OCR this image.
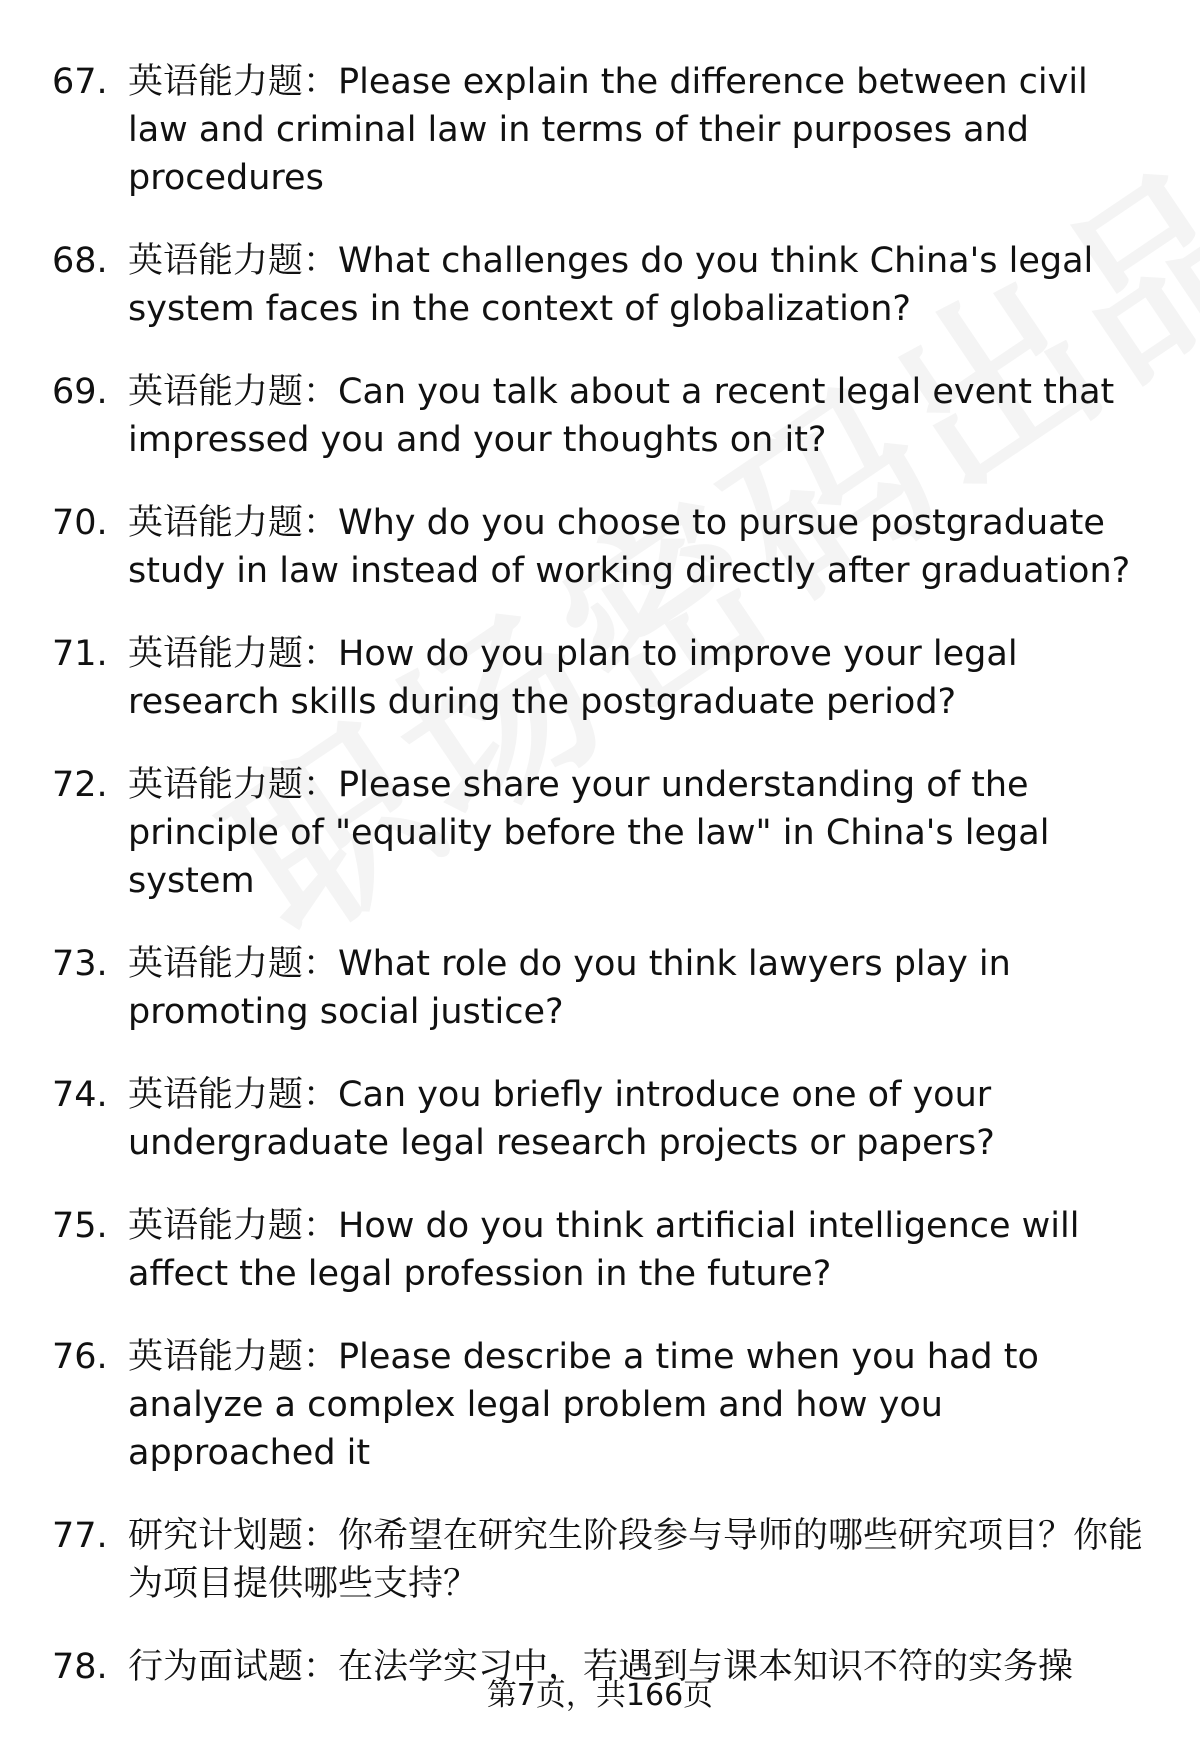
67. 英语能力题：Please explain the difference between civil law and criminal law in terms of their purposes and procedures
68. 英语能力题：What challenges do you think China's legal system faces in the context of globalization?
69. 英语能力题：Can you talk about a recent legal event that impressed you and your thoughts on it?
70. 英语能力题：Why do you choose to pursue postgraduate study in law instead of working directly after graduation?
71. 英语能力题：How do you plan to improve your legal research skills during the postgraduate period?
72. 英语能力题：Please share your understanding of the principle of "equality before the law" in China's legal system
73. 英语能力题：What role do you think lawyers play in promoting social justice?
74. 英语能力题：Can you briefly introduce one of your undergraduate legal research projects or papers?
75. 英语能力题：How do you think artificial intelligence will affect the legal profession in the future?
76. 英语能力题：Please describe a time when you had to analyze a complex legal problem and how you approached it
77. 研究计划题：你希望在研究生阶段参与导师的哪些研究项目？你能为项目提供哪些支持？
78. 行为面试题：在法学实习中，若遇到与课本知识不符的实务操
第7页，共166页
